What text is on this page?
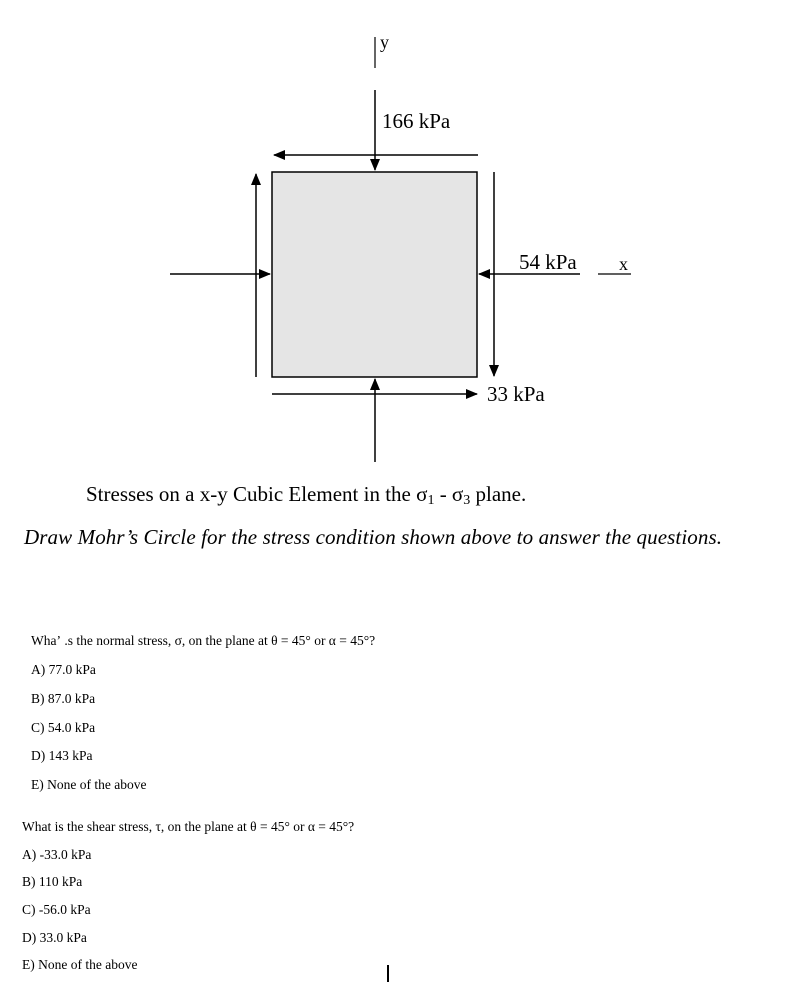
y
166 kPa
54 kPa x
33 kPa
Stresses on a x-y Cubic Element in the $\sigma_1 - \sigma_3$ plane.
Draw Mohr’s Circle for the stress condition shown above to answer the questions.
Whaʼ .s the normal stress, σ, on the plane at θ = 45° or α = 45°?
A) 77.0 kPa
B) 87.0 kPa
C) 54.0 kPa
D) 143 kPa
E) None of the above
What is the shear stress, τ, on the plane at θ = 45° or α = 45°?
A) -33.0 kPa
B) 110 kPa
C) -56.0 kPa
D) 33.0 kPa
E) None of the above
